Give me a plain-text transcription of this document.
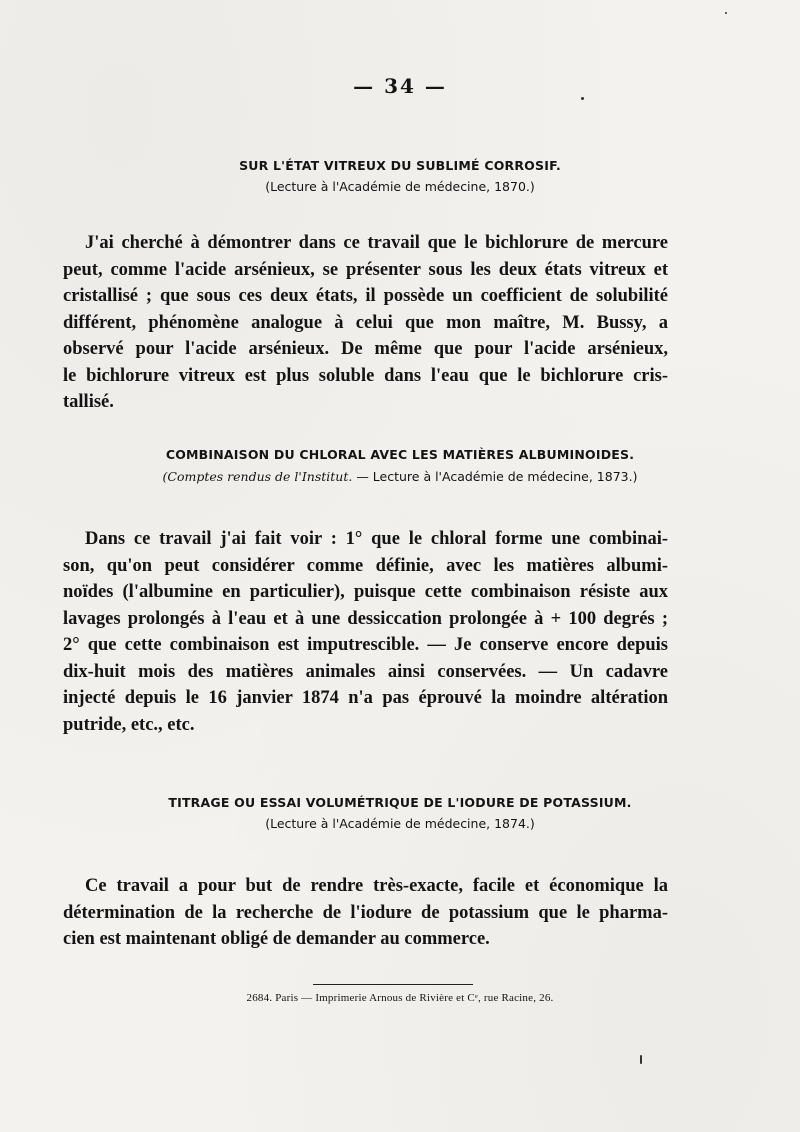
— 34 —
SUR L'ÉTAT VITREUX DU SUBLIMÉ CORROSIF.
(Lecture à l'Académie de médecine, 1870.)
J'ai cherché à démontrer dans ce travail que le bichlorure de mercure
peut, comme l'acide arsénieux, se présenter sous les deux états vitreux et
cristallisé ; que sous ces deux états, il possède un coefficient de solubilité
différent, phénomène analogue à celui que mon maître, M. Bussy, a
observé pour l'acide arsénieux. De même que pour l'acide arsénieux,
le bichlorure vitreux est plus soluble dans l'eau que le bichlorure cris-
tallisé.
COMBINAISON DU CHLORAL AVEC LES MATIÈRES ALBUMINOIDES.
(Comptes rendus de l'Institut. — Lecture à l'Académie de médecine, 1873.)
Dans ce travail j'ai fait voir : 1° que le chloral forme une combinai-
son, qu'on peut considérer comme définie, avec les matières albumi-
noïdes (l'albumine en particulier), puisque cette combinaison résiste aux
lavages prolongés à l'eau et à une dessiccation prolongée à + 100 degrés ;
2° que cette combinaison est imputrescible. — Je conserve encore depuis
dix-huit mois des matières animales ainsi conservées. — Un cadavre
injecté depuis le 16 janvier 1874 n'a pas éprouvé la moindre altération
putride, etc., etc.
TITRAGE OU ESSAI VOLUMÉTRIQUE DE L'IODURE DE POTASSIUM.
(Lecture à l'Académie de médecine, 1874.)
Ce travail a pour but de rendre très-exacte, facile et économique la
détermination de la recherche de l'iodure de potassium que le pharma-
cien est maintenant obligé de demander au commerce.
2684. Paris — Imprimerie Arnous de Rivière et Cᵉ, rue Racine, 26.
